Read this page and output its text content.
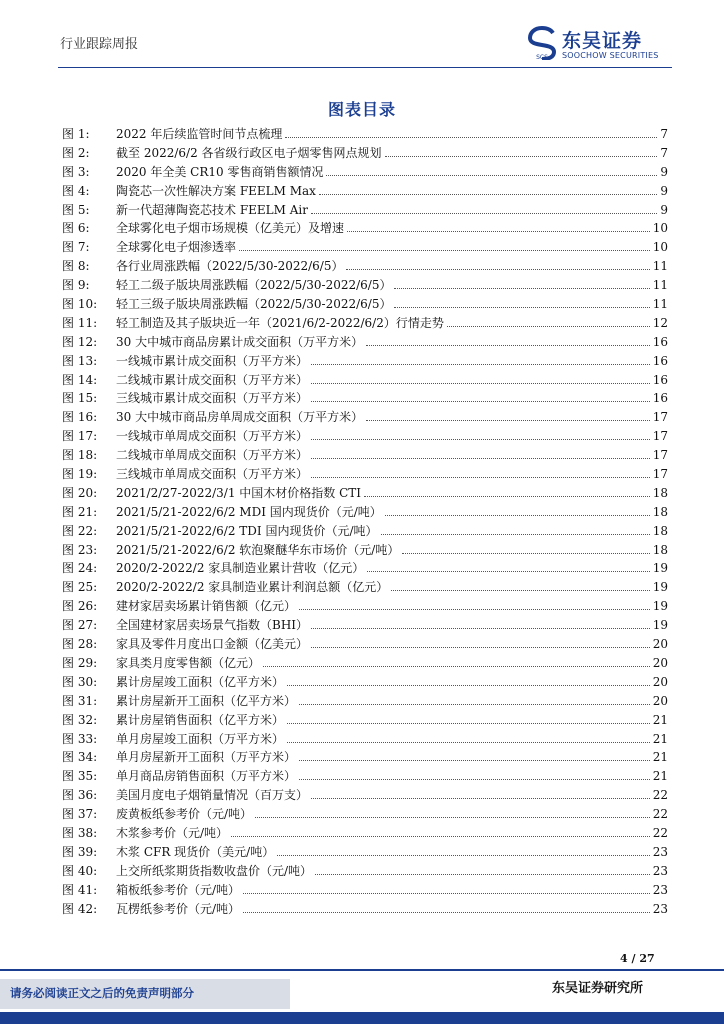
行业跟踪周报
SCS
东吴证券
SOOCHOW SECURITIES
图表目录
图 1:	2022 年后续监管时间节点梳理	7
图 2:	截至 2022/6/2 各省级行政区电子烟零售网点规划	7
图 3:	2020 年全美 CR10 零售商销售额情况	9
图 4:	陶瓷芯一次性解决方案 FEELM Max	9
图 5:	新一代超薄陶瓷芯技术 FEELM Air	9
图 6:	全球雾化电子烟市场规模（亿美元）及增速	10
图 7:	全球雾化电子烟渗透率	10
图 8:	各行业周涨跌幅（2022/5/30-2022/6/5）	11
图 9:	轻工二级子版块周涨跌幅（2022/5/30-2022/6/5）	11
图 10:	轻工三级子版块周涨跌幅（2022/5/30-2022/6/5）	11
图 11:	轻工制造及其子版块近一年（2021/6/2-2022/6/2）行情走势	12
图 12:	30 大中城市商品房累计成交面积（万平方米）	16
图 13:	一线城市累计成交面积（万平方米）	16
图 14:	二线城市累计成交面积（万平方米）	16
图 15:	三线城市累计成交面积（万平方米）	16
图 16:	30 大中城市商品房单周成交面积（万平方米）	17
图 17:	一线城市单周成交面积（万平方米）	17
图 18:	二线城市单周成交面积（万平方米）	17
图 19:	三线城市单周成交面积（万平方米）	17
图 20:	2021/2/27-2022/3/1 中国木材价格指数 CTI	18
图 21:	2021/5/21-2022/6/2 MDI 国内现货价（元/吨）	18
图 22:	2021/5/21-2022/6/2 TDI 国内现货价（元/吨）	18
图 23:	2021/5/21-2022/6/2 软泡聚醚华东市场价（元/吨）	18
图 24:	2020/2-2022/2 家具制造业累计营收（亿元）	19
图 25:	2020/2-2022/2 家具制造业累计利润总额（亿元）	19
图 26:	建材家居卖场累计销售额（亿元）	19
图 27:	全国建材家居卖场景气指数（BHI）	19
图 28:	家具及零件月度出口金额（亿美元）	20
图 29:	家具类月度零售额（亿元）	20
图 30:	累计房屋竣工面积（亿平方米）	20
图 31:	累计房屋新开工面积（亿平方米）	20
图 32:	累计房屋销售面积（亿平方米）	21
图 33:	单月房屋竣工面积（万平方米）	21
图 34:	单月房屋新开工面积（万平方米）	21
图 35:	单月商品房销售面积（万平方米）	21
图 36:	美国月度电子烟销量情况（百万支）	22
图 37:	废黄板纸参考价（元/吨）	22
图 38:	木浆参考价（元/吨）	22
图 39:	木浆 CFR 现货价（美元/吨）	23
图 40:	上交所纸浆期货指数收盘价（元/吨）	23
图 41:	箱板纸参考价（元/吨）	23
图 42:	瓦楞纸参考价（元/吨）	23
4 / 27
请务必阅读正文之后的免责声明部分	东吴证券研究所
